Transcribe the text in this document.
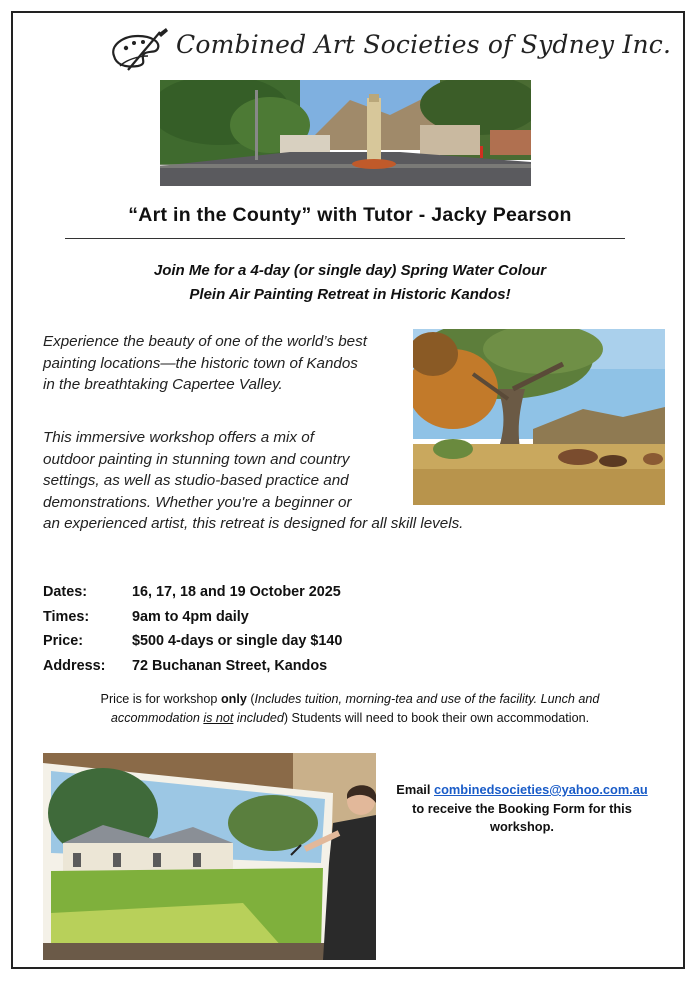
Combined Art Societies of Sydney Inc.
“Art in the County” with Tutor - Jacky Pearson
Join Me for a 4-day (or single day) Spring Water Colour
Plein Air Painting Retreat in Historic Kandos!
Experience the beauty of one of the world’s best
painting locations—the historic town of Kandos
in the breathtaking Capertee Valley.
This immersive workshop offers a mix of
outdoor painting in stunning town and country
settings, as well as studio-based practice and
demonstrations. Whether you're a beginner or
an experienced artist, this retreat is designed for all skill levels.
Dates:	16, 17, 18 and 19 October 2025
Times:	9am to 4pm daily
Price:	$500 4-days or single day $140
Address:	72 Buchanan Street, Kandos
Price is for workshop only (Includes tuition, morning-tea and use of the facility. Lunch and
accommodation is not included) Students will need to book their own accommodation.
Email combinedsocieties@yahoo.com.au
to receive the Booking Form for this
workshop.
